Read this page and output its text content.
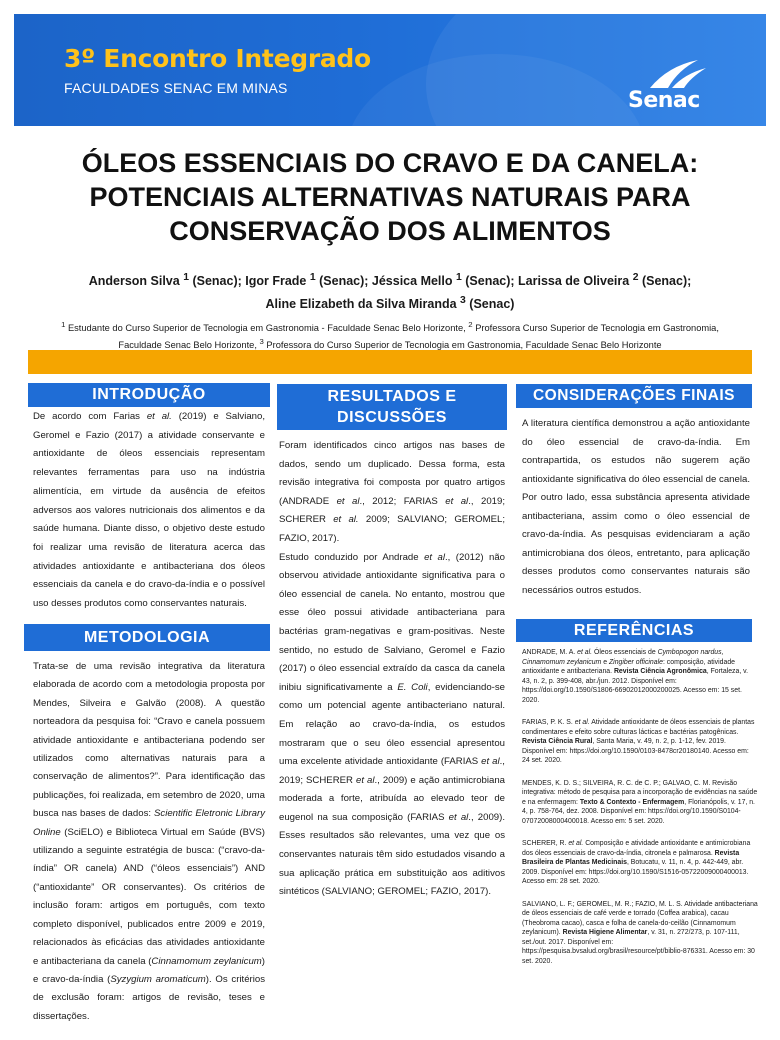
3º Encontro Integrado
FACULDADES SENAC EM MINAS	Senac
ÓLEOS ESSENCIAIS DO CRAVO E DA CANELA:
POTENCIAIS ALTERNATIVAS NATURAIS PARA
CONSERVAÇÃO DOS ALIMENTOS
Anderson Silva $^1$ (Senac); Igor Frade $^1$ (Senac); Jéssica Mello $^1$ (Senac); Larissa de Oliveira $^2$ (Senac);
Aline Elizabeth da Silva Miranda $^3$ (Senac)
$^1$ Estudante do Curso Superior de Tecnologia em Gastronomia - Faculdade Senac Belo Horizonte, $^2$ Professora Curso Superior de Tecnologia em Gastronomia,
Faculdade Senac Belo Horizonte, $^3$ Professora do Curso Superior de Tecnologia em Gastronomia, Faculdade Senac Belo Horizonte
INTRODUÇÃO

De acordo com Farias et al. (2019) e Salviano, Geromel e Fazio (2017) a atividade conservante e antioxidante de óleos essenciais representam relevantes ferramentas para uso na indústria alimentícia, em virtude da ausência de efeitos adversos aos valores nutricionais dos alimentos e da saúde humana. Diante disso, o objetivo deste estudo foi realizar uma revisão de literatura acerca das atividades antioxidante e antibacteriana dos óleos essenciais da canela e do cravo-da-índia e o possível uso desses produtos como conservantes naturais.

METODOLOGIA

Trata-se de uma revisão integrativa da literatura elaborada de acordo com a metodologia proposta por Mendes, Silveira e Galvão (2008). A questão norteadora da pesquisa foi: “Cravo e canela possuem atividade antioxidante e antibacteriana podendo ser utilizados como alternativas naturais para a conservação de alimentos?”. Para identificação das publicações, foi realizada, em setembro de 2020, uma busca nas bases de dados: Scientific Eletronic Library Online (SciELO) e Biblioteca Virtual em Saúde (BVS) utilizando a seguinte estratégia de busca: (“cravo-da-índia” OR canela) AND (“óleos essenciais”) AND (“antioxidante” OR conservantes). Os critérios de inclusão foram: artigos em português, com texto completo disponível, publicados entre 2009 e 2019, relacionados às eficácias das atividades antioxidante e antibacteriana da canela (Cinnamomum zeylanicum) e cravo-da-índia (Syzygium aromaticum). Os critérios de exclusão foram: artigos de revisão, teses e dissertações.

RESULTADOS E
DISCUSSÕES

Foram identificados cinco artigos nas bases de dados, sendo um duplicado. Dessa forma, esta revisão integrativa foi composta por quatro artigos (ANDRADE et al., 2012; FARIAS et al., 2019; SCHERER et al. 2009; SALVIANO; GEROMEL; FAZIO, 2017).

Estudo conduzido por Andrade et al., (2012) não observou atividade antioxidante significativa para o óleo essencial de canela. No entanto, mostrou que esse óleo possui atividade antibacteriana para bactérias gram-negativas e gram-positivas. Neste sentido, no estudo de Salviano, Geromel e Fazio (2017) o óleo essencial extraído da casca da canela inibiu significativamente a E. Coli, evidenciando-se como um potencial agente antibacteriano natural. Em relação ao cravo-da-índia, os estudos mostraram que o seu óleo essencial apresentou uma excelente atividade antioxidante (FARIAS et al., 2019; SCHERER et al., 2009) e ação antimicrobiana moderada a forte, atribuída ao elevado teor de eugenol na sua composição (FARIAS et al., 2009). Esses resultados são relevantes, uma vez que os conservantes naturais têm sido estudados visando a sua aplicação prática em substituição aos aditivos sintéticos (SALVIANO; GEROMEL; FAZIO, 2017).

CONSIDERAÇÕES FINAIS

A literatura científica demonstrou a ação antioxidante do óleo essencial de cravo-da-índia. Em contrapartida, os estudos não sugerem ação antioxidante significativa do óleo essencial de canela. Por outro lado, essa substância apresenta atividade antibacteriana, assim como o óleo essencial de cravo-da-índia. As pesquisas evidenciaram a ação antimicrobiana dos óleos, entretanto, para aplicação desses produtos como conservantes naturais são necessários outros estudos.

REFERÊNCIAS

ANDRADE, M. A. et al. Óleos essenciais de Cymbopogon nardus, Cinnamomum zeylanicum e Zingiber officinale: composição, atividade antioxidante e antibacteriana. Revista Ciência Agronômica, Fortaleza, v. 43, n. 2, p. 399-408, abr./jun. 2012. Disponível em: https://doi.org/10.1590/S1806-66902012000200025. Acesso em: 15 set. 2020.

FARIAS, P. K. S. et al. Atividade antioxidante de óleos essenciais de plantas condimentares e efeito sobre culturas lácticas e bactérias patogênicas. Revista Ciência Rural, Santa Maria, v. 49, n. 2, p. 1-12, fev. 2019. Disponível em: https://doi.org/10.1590/0103-8478cr20180140. Acesso em: 24 set. 2020.

MENDES, K. D. S.; SILVEIRA, R. C. de C. P.; GALVAO, C. M. Revisão integrativa: método de pesquisa para a incorporação de evidências na saúde e na enfermagem: Texto & Contexto - Enfermagem, Florianópolis, v. 17, n. 4, p. 758-764, dez. 2008. Disponível em: https://doi.org/10.1590/S0104-07072008000400018. Acesso em: 5 set. 2020.

SCHERER, R. et al. Composição e atividade antioxidante e antimicrobiana dos óleos essenciais de cravo-da-índia, citronela e palmarosa. Revista Brasileira de Plantas Medicinais, Botucatu, v. 11, n. 4, p. 442-449, abr. 2009. Disponível em: https://doi.org/10.1590/S1516-05722009000400013. Acesso em: 28 set. 2020.

SALVIANO, L. F.; GEROMEL, M. R.; FAZIO, M. L. S. Atividade antibacteriana de óleos essenciais de café verde e torrado (Coffea arabica), cacau (Theobroma cacao), casca e folha de canela-do-ceilão (Cinnamomum zeylanicum). Revista Higiene Alimentar, v. 31, n. 272/273, p. 107-111, set./out. 2017. Disponível em: https://pesquisa.bvsalud.org/brasil/resource/pt/biblio-876331. Acesso em: 30 set. 2020.
